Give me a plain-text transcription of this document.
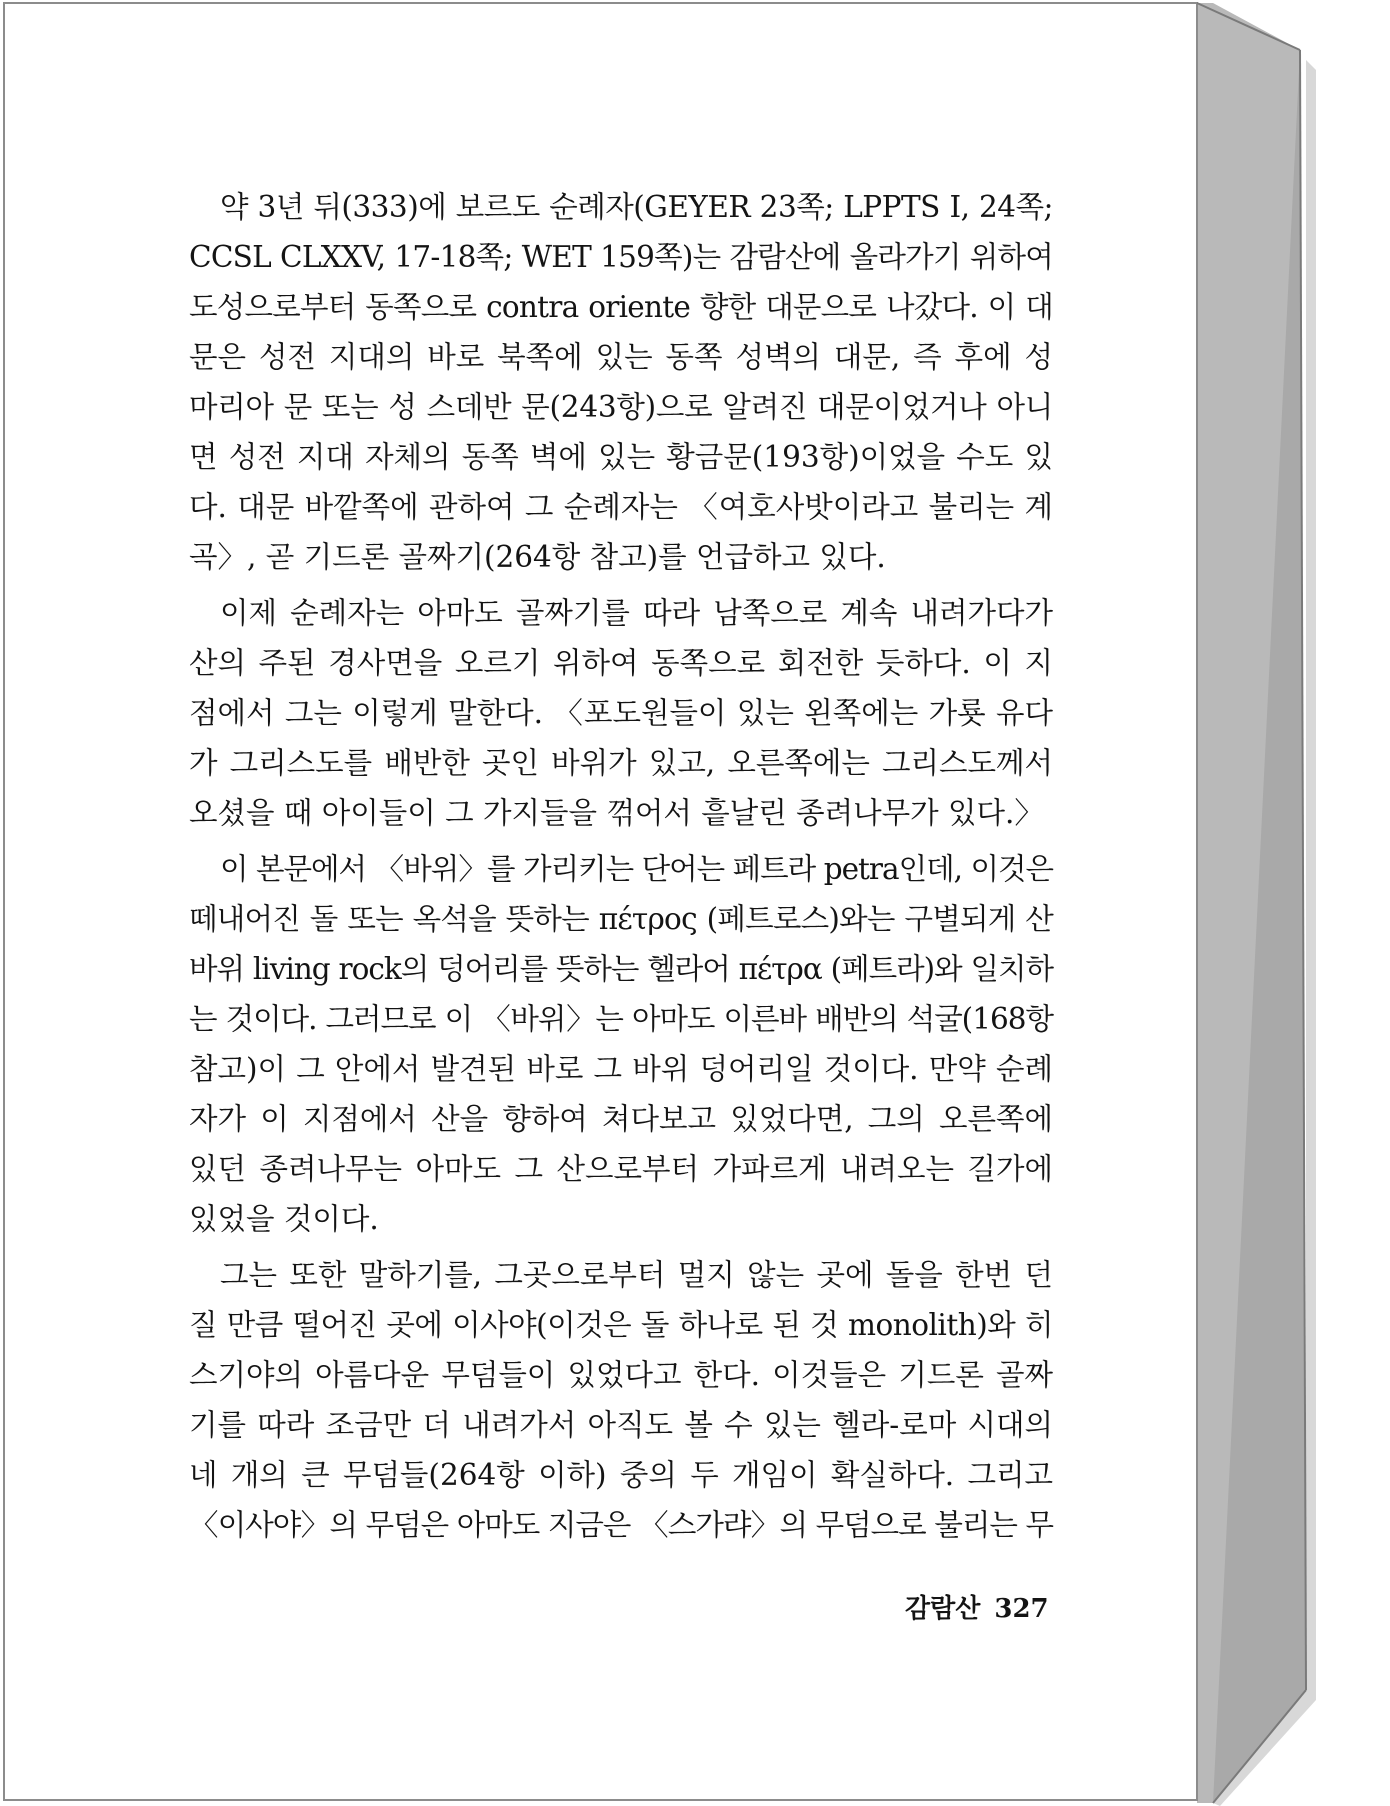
약 3년 뒤(333)에 보르도 순례자(GEYER 23쪽; LPPTS I, 24쪽;
CCSL CLXXV, 17-18쪽; WET 159쪽)는 감람산에 올라가기 위하여
도성으로부터 동쪽으로 contra oriente 향한 대문으로 나갔다. 이 대
문은 성전 지대의 바로 북쪽에 있는 동쪽 성벽의 대문, 즉 후에 성
마리아 문 또는 성 스데반 문(243항)으로 알려진 대문이었거나 아니
면 성전 지대 자체의 동쪽 벽에 있는 황금문(193항)이었을 수도 있
다. 대문 바깥쪽에 관하여 그 순례자는 〈여호사밧이라고 불리는 계
곡〉, 곧 기드론 골짜기(264항 참고)를 언급하고 있다.
이제 순례자는 아마도 골짜기를 따라 남쪽으로 계속 내려가다가
산의 주된 경사면을 오르기 위하여 동쪽으로 회전한 듯하다. 이 지
점에서 그는 이렇게 말한다. 〈포도원들이 있는 왼쪽에는 가룟 유다
가 그리스도를 배반한 곳인 바위가 있고, 오른쪽에는 그리스도께서
오셨을 때 아이들이 그 가지들을 꺾어서 흩날린 종려나무가 있다.〉
이 본문에서 〈바위〉를 가리키는 단어는 페트라 petra인데, 이것은
떼내어진 돌 또는 옥석을 뜻하는 πέτρος (페트로스)와는 구별되게 산
바위 living rock의 덩어리를 뜻하는 헬라어 πέτρα (페트라)와 일치하
는 것이다. 그러므로 이 〈바위〉는 아마도 이른바 배반의 석굴(168항
참고)이 그 안에서 발견된 바로 그 바위 덩어리일 것이다. 만약 순례
자가 이 지점에서 산을 향하여 쳐다보고 있었다면, 그의 오른쪽에
있던 종려나무는 아마도 그 산으로부터 가파르게 내려오는 길가에
있었을 것이다.
그는 또한 말하기를, 그곳으로부터 멀지 않는 곳에 돌을 한번 던
질 만큼 떨어진 곳에 이사야(이것은 돌 하나로 된 것 monolith)와 히
스기야의 아름다운 무덤들이 있었다고 한다. 이것들은 기드론 골짜
기를 따라 조금만 더 내려가서 아직도 볼 수 있는 헬라-로마 시대의
네 개의 큰 무덤들(264항 이하) 중의 두 개임이 확실하다. 그리고
〈이사야〉의 무덤은 아마도 지금은 〈스가랴〉의 무덤으로 불리는 무
감람산 327
